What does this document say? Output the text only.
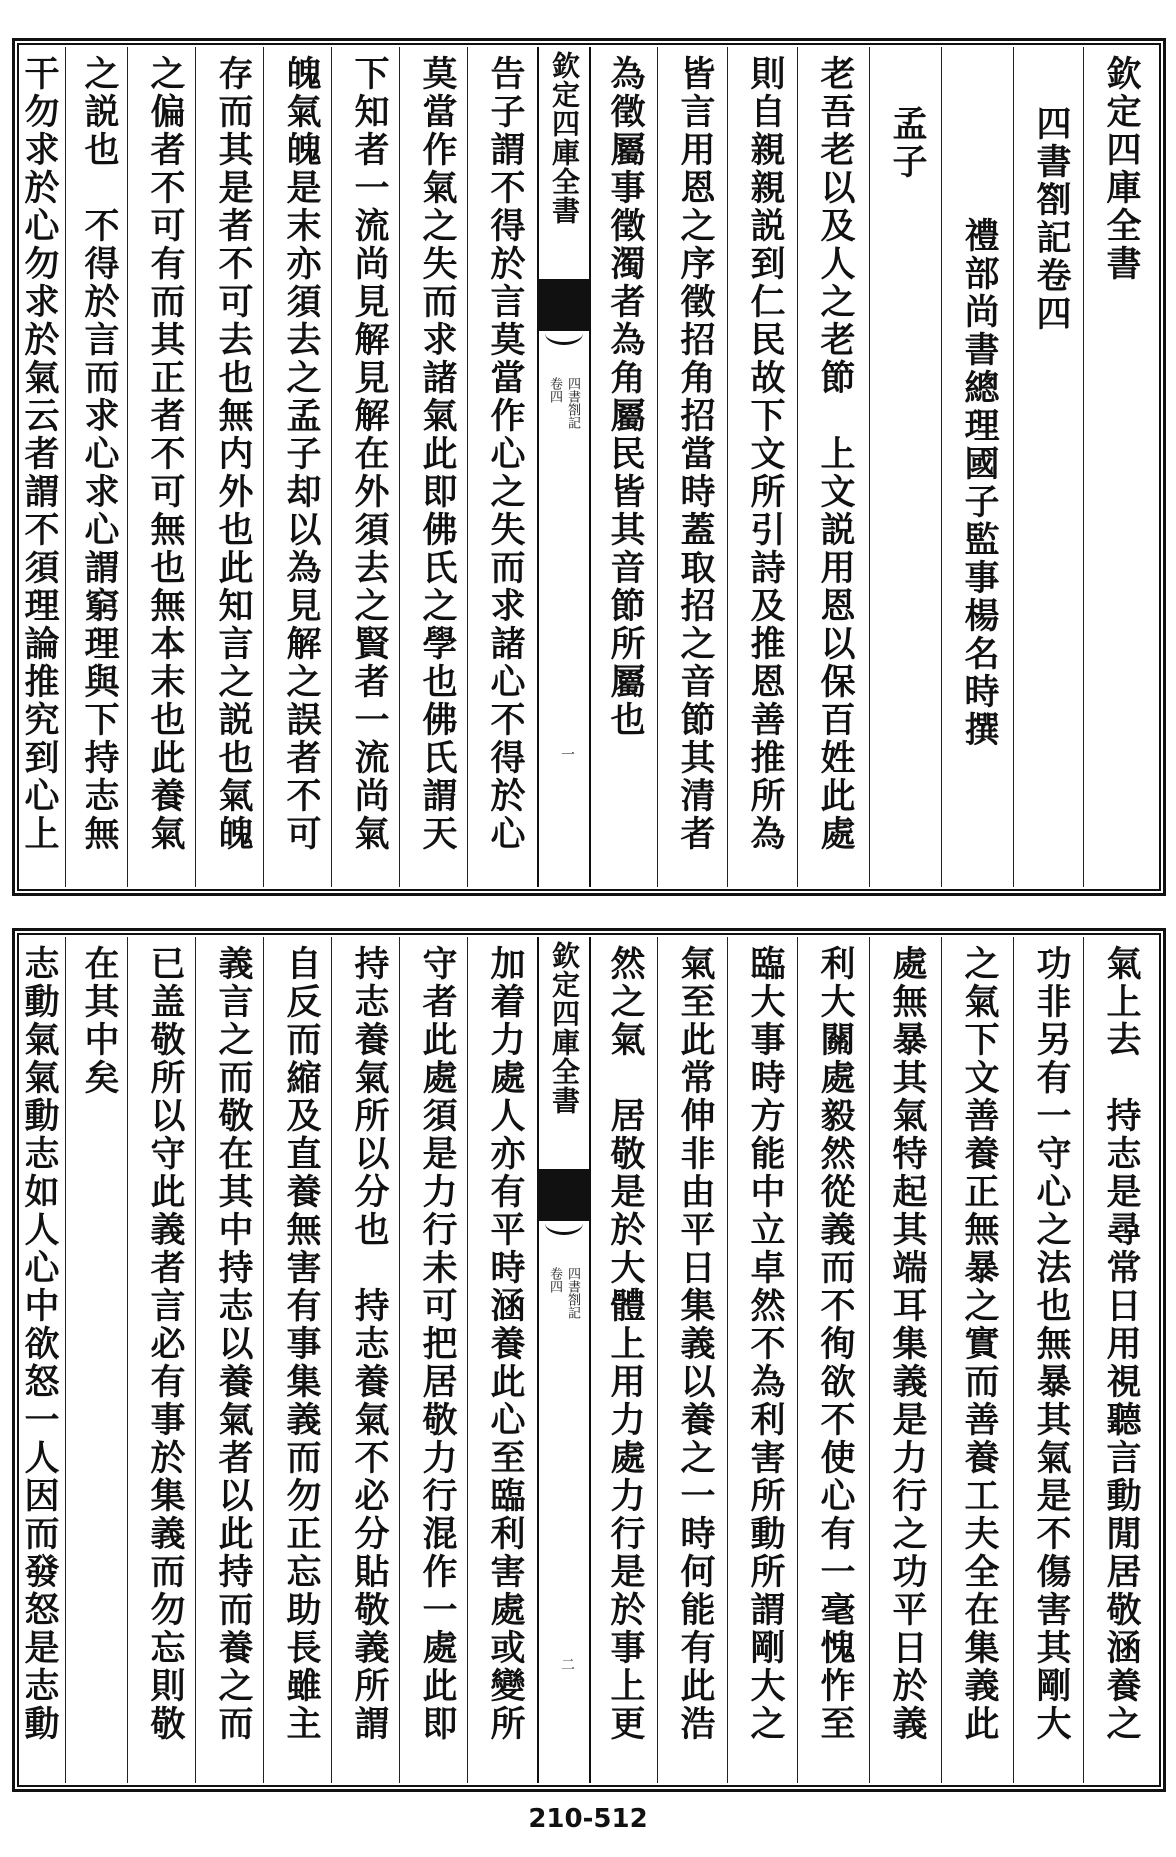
欽定四庫全書
四書劄記卷四
禮部尚書總理國子監事楊名時撰
孟子
老吾老以及人之老節　上文説用恩以保百姓此處
則自親親説到仁民故下文所引詩及推恩善推所為
皆言用恩之序徵招角招當時蓋取招之音節其清者
為徵屬事徵濁者為角屬民皆其音節所屬也
欽定四庫全書
四書劄記
卷四
一
告子謂不得於言莫當作心之失而求諸心不得於心
莫當作氣之失而求諸氣此即佛氏之學也佛氏謂天
下知者一流尚見解見解在外須去之賢者一流尚氣
魄氣魄是末亦須去之孟子却以為見解之誤者不可
存而其是者不可去也無内外也此知言之説也氣魄
之偏者不可有而其正者不可無也無本末也此養氣
之説也　不得於言而求心求心謂窮理與下持志無
干勿求於心勿求於氣云者謂不須理論推究到心上
氣上去　持志是尋常日用視聽言動閒居敬涵養之
功非另有一守心之法也無暴其氣是不傷害其剛大
之氣下文善養正無暴之實而善養工夫全在集義此
處無暴其氣特起其端耳集義是力行之功平日於義
利大關處毅然從義而不徇欲不使心有一毫愧怍至
臨大事時方能中立卓然不為利害所動所謂剛大之
氣至此常伸非由平日集義以養之一時何能有此浩
然之氣　居敬是於大體上用力處力行是於事上更
欽定四庫全書
四書劄記
卷四
二
加着力處人亦有平時涵養此心至臨利害處或變所
守者此處須是力行未可把居敬力行混作一處此即
持志養氣所以分也　持志養氣不必分貼敬義所謂
自反而縮及直養無害有事集義而勿正忘助長雖主
義言之而敬在其中持志以養氣者以此持而養之而
已盖敬所以守此義者言必有事於集義而勿忘則敬
在其中矣
志動氣氣動志如人心中欲怒一人因而發怒是志動
210-512
